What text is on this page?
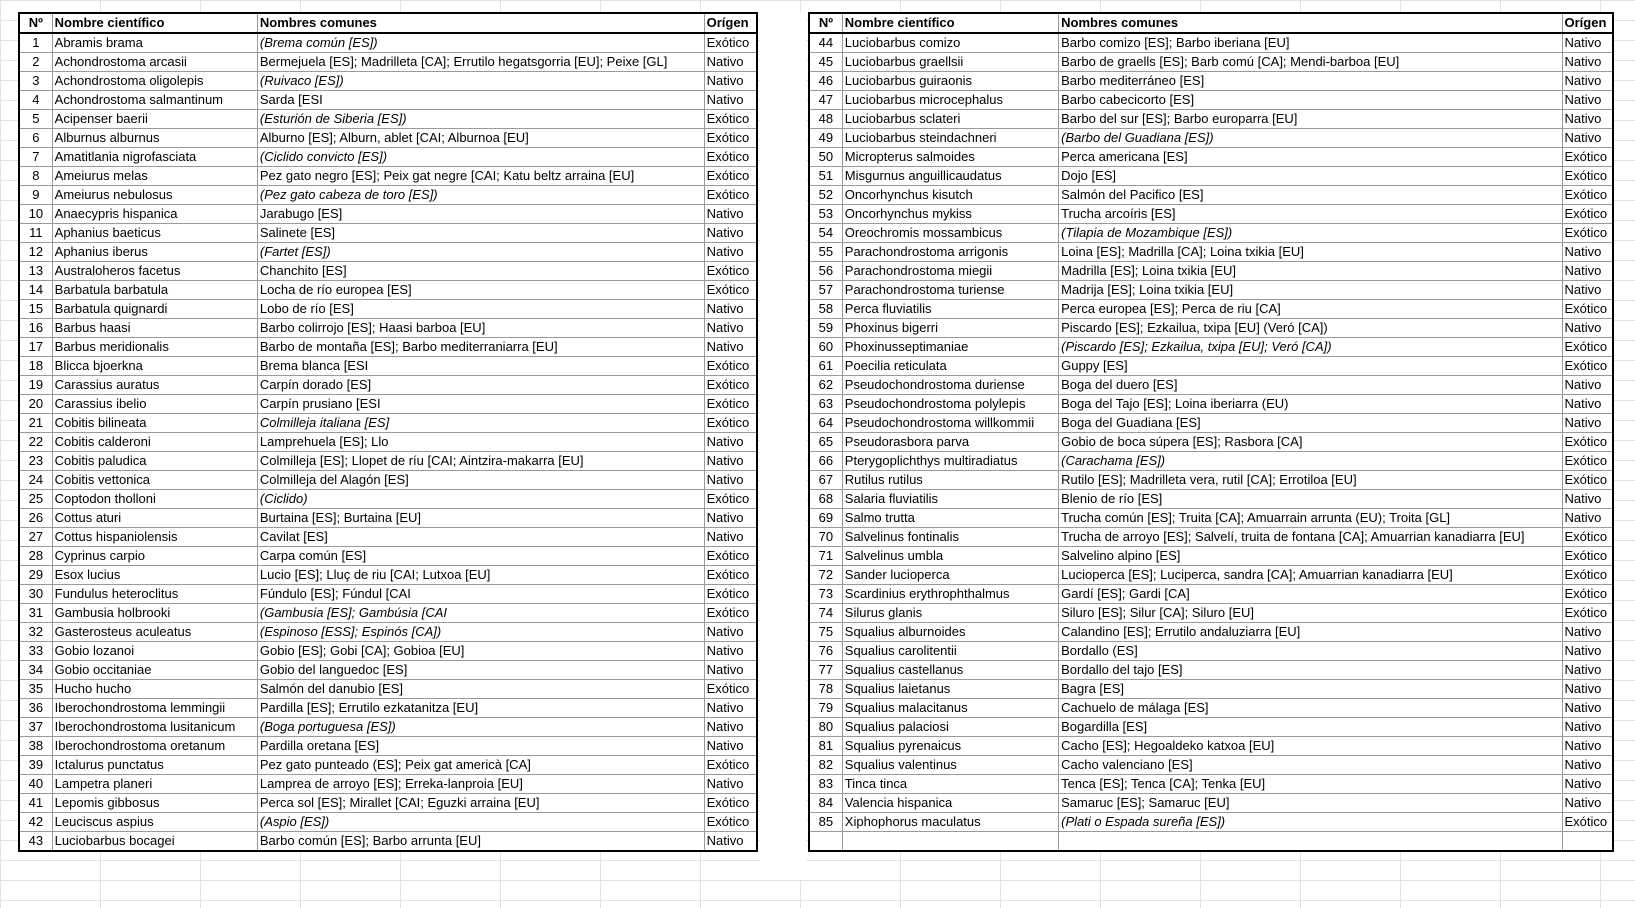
Nº	Nombre científico	Nombres comunes	Orígen
1	Abramis brama	(Brema común [ES])	Exótico
2	Achondrostoma arcasii	Bermejuela [ES]; Madrilleta [CA]; Errutilo hegatsgorria [EU]; Peixe [GL]	Nativo
3	Achondrostoma oligolepis	(Ruivaco [ES])	Nativo
4	Achondrostoma salmantinum	Sarda [ESI	Nativo
5	Acipenser baerii	(Esturión de Siberia [ES])	Exótico
6	Alburnus alburnus	Alburno [ES]; Alburn, ablet [CAI; Alburnoa [EU]	Exótico
7	Amatitlania nigrofasciata	(Ciclido convicto [ES])	Exótico
8	Ameiurus melas	Pez gato negro [ES]; Peix gat negre [CAI; Katu beltz arraina [EU]	Exótico
9	Ameiurus nebulosus	(Pez gato cabeza de toro [ES])	Exótico
10	Anaecypris hispanica	Jarabugo [ES]	Nativo
11	Aphanius baeticus	Salinete [ES]	Nativo
12	Aphanius iberus	(Fartet [ES])	Nativo
13	Australoheros facetus	Chanchito [ES]	Exótico
14	Barbatula barbatula	Locha de río europea [ES]	Exótico
15	Barbatula quignardi	Lobo de río [ES]	Nativo
16	Barbus haasi	Barbo colirrojo [ES]; Haasi barboa [EU]	Nativo
17	Barbus meridionalis	Barbo de montaña [ES]; Barbo mediterraniarra [EU]	Nativo
18	Blicca bjoerkna	Brema blanca [ESI	Exótico
19	Carassius auratus	Carpín dorado [ES]	Exótico
20	Carassius ibelio	Carpín prusiano [ESI	Exótico
21	Cobitis bilineata	Colmilleja italiana [ES]	Exótico
22	Cobitis calderoni	Lamprehuela [ES]; Llo	Nativo
23	Cobitis paludica	Colmilleja [ES]; Llopet de ríu [CAI; Aintzira-makarra [EU]	Nativo
24	Cobitis vettonica	Colmilleja del Alagón [ES]	Nativo
25	Coptodon tholloni	(Ciclido)	Exótico
26	Cottus aturi	Burtaina [ES]; Burtaina [EU]	Nativo
27	Cottus hispaniolensis	Cavilat [ES]	Nativo
28	Cyprinus carpio	Carpa común [ES]	Exótico
29	Esox lucius	Lucio [ES]; Lluç de riu [CAI; Lutxoa [EU]	Exótico
30	Fundulus heteroclitus	Fúndulo [ES]; Fúndul [CAI	Exótico
31	Gambusia holbrooki	(Gambusia [ES]; Gambúsia [CAI	Exótico
32	Gasterosteus aculeatus	(Espinoso [ESS]; Espinós [CA])	Nativo
33	Gobio lozanoi	Gobio [ES]; Gobi [CA]; Gobioa [EU]	Nativo
34	Gobio occitaniae	Gobio del languedoc [ES]	Nativo
35	Hucho hucho	Salmón del danubio [ES]	Exótico
36	Iberochondrostoma lemmingii	Pardilla [ES]; Errutilo ezkatanitza [EU]	Nativo
37	Iberochondrostoma lusitanicum	(Boga portuguesa [ES])	Nativo
38	Iberochondrostoma oretanum	Pardilla oretana [ES]	Nativo
39	Ictalurus punctatus	Pez gato punteado (ES]; Peix gat americà [CA]	Exótico
40	Lampetra planeri	Lamprea de arroyo [ES]; Erreka-lanproia [EU]	Nativo
41	Lepomis gibbosus	Perca sol [ES]; Mirallet [CAI; Eguzki arraina [EU]	Exótico
42	Leuciscus aspius	(Aspio [ES])	Exótico
43	Luciobarbus bocagei	Barbo común [ES]; Barbo arrunta [EU]	Nativo
Nº	Nombre científico	Nombres comunes	Orígen
44	Luciobarbus comizo	Barbo comizo [ES]; Barbo iberiana [EU]	Nativo
45	Luciobarbus graellsii	Barbo de graells [ES]; Barb comú [CA]; Mendi-barboa [EU]	Nativo
46	Luciobarbus guiraonis	Barbo mediterráneo [ES]	Nativo
47	Luciobarbus microcephalus	Barbo cabecicorto [ES]	Nativo
48	Luciobarbus sclateri	Barbo del sur [ES]; Barbo europarra [EU]	Nativo
49	Luciobarbus steindachneri	(Barbo del Guadiana [ES])	Nativo
50	Micropterus salmoides	Perca americana [ES]	Exótico
51	Misgurnus anguillicaudatus	Dojo [ES]	Exótico
52	Oncorhynchus kisutch	Salmón del Pacifico [ES]	Exótico
53	Oncorhynchus mykiss	Trucha arcoíris [ES]	Exótico
54	Oreochromis mossambicus	(Tilapia de Mozambique [ES])	Exótico
55	Parachondrostoma arrigonis	Loina [ES]; Madrilla [CA]; Loina txikia [EU]	Nativo
56	Parachondrostoma miegii	Madrilla [ES]; Loina txikia [EU]	Nativo
57	Parachondrostoma turiense	Madrija [ES]; Loina txikia [EU]	Nativo
58	Perca fluviatilis	Perca europea [ES]; Perca de riu [CA]	Exótico
59	Phoxinus bigerri	Piscardo [ES]; Ezkailua, txipa [EU] (Veró [CA])	Nativo
60	Phoxinusseptimaniae	(Piscardo [ES]; Ezkailua, txipa [EU]; Veró [CA])	Exótico
61	Poecilia reticulata	Guppy [ES]	Exótico
62	Pseudochondrostoma duriense	Boga del duero [ES]	Nativo
63	Pseudochondrostoma polylepis	Boga del Tajo [ES]; Loina iberiarra (EU)	Nativo
64	Pseudochondrostoma willkommii	Boga del Guadiana [ES]	Nativo
65	Pseudorasbora parva	Gobio de boca súpera [ES]; Rasbora [CA]	Exótico
66	Pterygoplichthys multiradiatus	(Carachama [ES])	Exótico
67	Rutilus rutilus	Rutilo [ES]; Madrilleta vera, rutil [CA]; Errotiloa [EU]	Exótico
68	Salaria fluviatilis	Blenio de río [ES]	Nativo
69	Salmo trutta	Trucha común [ES]; Truita [CA]; Amuarrain arrunta (EU); Troita [GL]	Nativo
70	Salvelinus fontinalis	Trucha de arroyo [ES]; Salvelí, truita de fontana [CA]; Amuarrian kanadiarra [EU]	Exótico
71	Salvelinus umbla	Salvelino alpino [ES]	Exótico
72	Sander lucioperca	Lucioperca [ES]; Luciperca, sandra [CA]; Amuarrian kanadiarra [EU]	Exótico
73	Scardinius erythrophthalmus	Gardí [ES]; Gardi [CA]	Exótico
74	Silurus glanis	Siluro [ES]; Silur [CA]; Siluro [EU]	Exótico
75	Squalius alburnoides	Calandino [ES]; Errutilo andaluziarra [EU]	Nativo
76	Squalius carolitentii	Bordallo (ES]	Nativo
77	Squalius castellanus	Bordallo del tajo [ES]	Nativo
78	Squalius laietanus	Bagra [ES]	Nativo
79	Squalius malacitanus	Cachuelo de málaga [ES]	Nativo
80	Squalius palaciosi	Bogardilla [ES]	Nativo
81	Squalius pyrenaicus	Cacho [ES]; Hegoaldeko katxoa [EU]	Nativo
82	Squalius valentinus	Cacho valenciano [ES]	Nativo
83	Tinca tinca	Tenca [ES]; Tenca [CA]; Tenka [EU]	Nativo
84	Valencia hispanica	Samaruc [ES]; Samaruc [EU]	Nativo
85	Xiphophorus maculatus	(Plati o Espada sureña [ES])	Exótico
